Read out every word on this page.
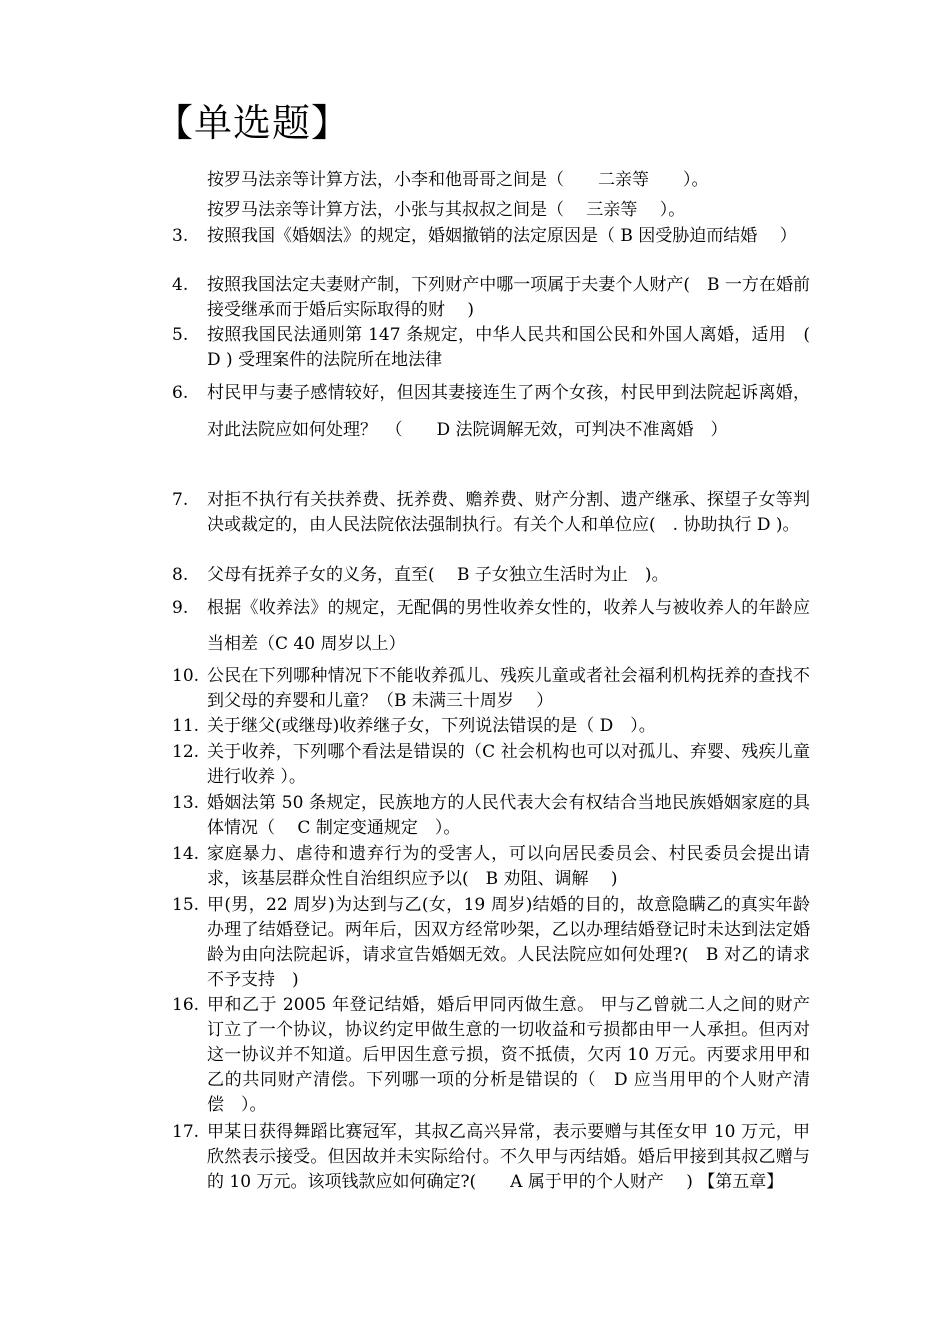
【单选题】
按罗马法亲等计算方法，小李和他哥哥之间是（　　二亲等　　）。
按罗马法亲等计算方法，小张与其叔叔之间是（　 三亲等　 ）。
3. 按照我国《婚姻法》的规定，婚姻撤销的法定原因是（ B 因受胁迫而结婚　 ）
4. 按照我国法定夫妻财产制，下列财产中哪一项属于夫妻个人财产(　B 一方在婚前接受继承而于婚后实际取得的财　 )
5. 按照我国民法通则第 147 条规定，中华人民共和国公民和外国人离婚，适用　( D ) 受理案件的法院所在地法律
6. 村民甲与妻子感情较好，但因其妻接连生了两个女孩，村民甲到法院起诉离婚，对此法院应如何处理？　（　　D 法院调解无效，可判决不准离婚　）
7. 对拒不执行有关扶养费、抚养费、赡养费、财产分割、遗产继承、探望子女等判决或裁定的，由人民法院依法强制执行。有关个人和单位应(　. 协助执行 D )。
8. 父母有抚养子女的义务，直至(　 B 子女独立生活时为止　)。
9. 根据《收养法》的规定，无配偶的男性收养女性的，收养人与被收养人的年龄应当相差（C 40 周岁以上）
10. 公民在下列哪种情况下不能收养孤儿、残疾儿童或者社会福利机构抚养的查找不到父母的弃婴和儿童？（B 未满三十周岁　 ）
11. 关于继父(或继母)收养继子女，下列说法错误的是（ D　）。
12. 关于收养，下列哪个看法是错误的（C 社会机构也可以对孤儿、弃婴、残疾儿童进行收养 ）。
13. 婚姻法第 50 条规定，民族地方的人民代表大会有权结合当地民族婚姻家庭的具体情况（　 C 制定变通规定　）。
14. 家庭暴力、虐待和遗弃行为的受害人，可以向居民委员会、村民委员会提出请求，该基层群众性自治组织应予以(　B 劝阻、调解　 )
15. 甲(男，22 周岁)为达到与乙(女，19 周岁)结婚的目的，故意隐瞒乙的真实年龄办理了结婚登记。两年后，因双方经常吵架，乙以办理结婚登记时未达到法定婚龄为由向法院起诉，请求宣告婚姻无效。人民法院应如何处理?(　B 对乙的请求不予支持　)
16. 甲和乙于 2005 年登记结婚，婚后甲同丙做生意。 甲与乙曾就二人之间的财产订立了一个协议，协议约定甲做生意的一切收益和亏损都由甲一人承担。但丙对这一协议并不知道。后甲因生意亏损，资不抵债，欠丙 10 万元。丙要求用甲和乙的共同财产清偿。下列哪一项的分析是错误的（　D 应当用甲的个人财产清偿　）。
17. 甲某日获得舞蹈比赛冠军，其叔乙高兴异常，表示要赠与其侄女甲 10 万元，甲欣然表示接受。但因故并未实际给付。不久甲与丙结婚。婚后甲接到其叔乙赠与的 10 万元。该项钱款应如何确定?(　　A 属于甲的个人财产　 ) 【第五章】
